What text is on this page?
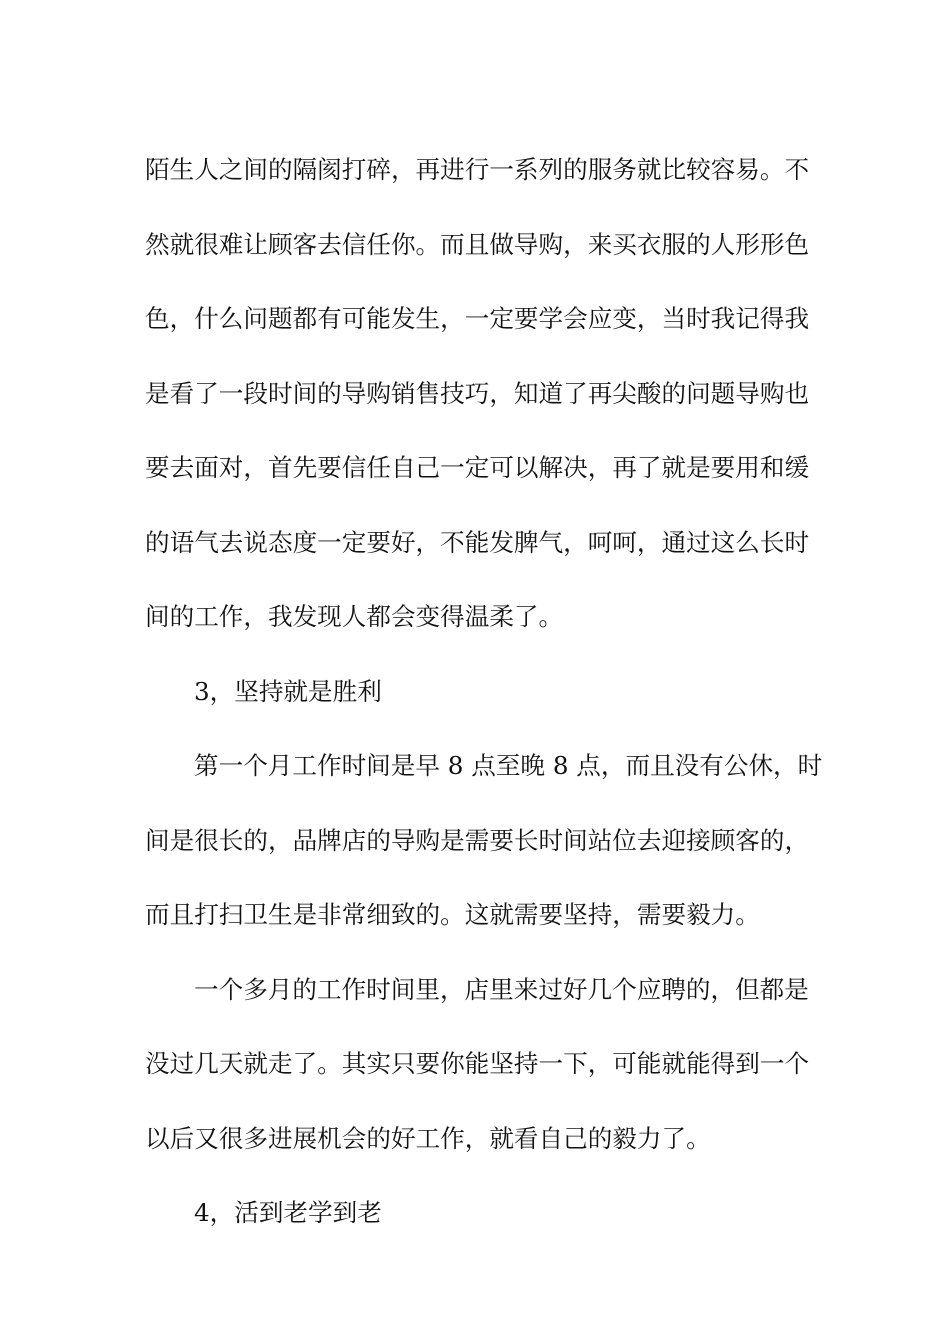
陌生人之间的隔阂打碎，再进行一系列的服务就比较容易。不
然就很难让顾客去信任你。而且做导购，来买衣服的人形形色
色，什么问题都有可能发生，一定要学会应变，当时我记得我
是看了一段时间的导购销售技巧，知道了再尖酸的问题导购也
要去面对，首先要信任自己一定可以解决，再了就是要用和缓
的语气去说态度一定要好，不能发脾气，呵呵，通过这么长时
间的工作，我发现人都会变得温柔了。
3，坚持就是胜利
第一个月工作时间是早 8 点至晚 8 点，而且没有公休，时
间是很长的，品牌店的导购是需要长时间站位去迎接顾客的，
而且打扫卫生是非常细致的。这就需要坚持，需要毅力。
一个多月的工作时间里，店里来过好几个应聘的，但都是
没过几天就走了。其实只要你能坚持一下，可能就能得到一个
以后又很多进展机会的好工作，就看自己的毅力了。
4，活到老学到老
